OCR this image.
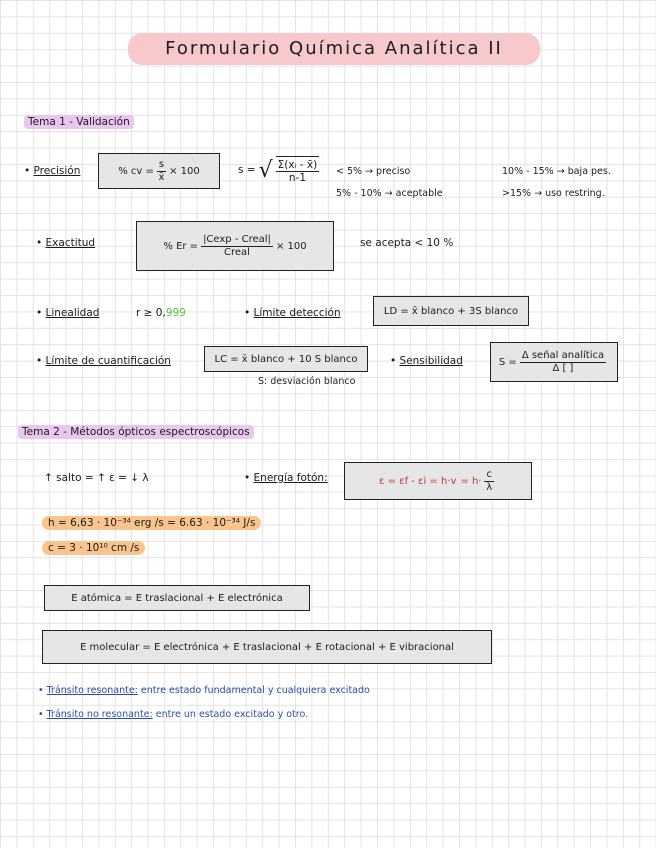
Formulario Química Analítica II
Tema 1 - Validación
• Precisión	% cv = $\frac{s}{x̄} \times 100$	s = √ $\frac{\text{Σ(xᵢ - x̄)}}{n-1} < 5\%$ → preciso
5% - 10% → aceptable
10% - 15% → baja pes.
>15% → uso restring.
• Exactitud	% $Er = \frac{\text{|Cexp - Creal|}}{\text{Creal}} \times 100$	se acepta < 10 %
• Linealidad	r ≥ 0,999	• Límite detección	LD = x̄ blanco + 3S blanco
• Límite de cuantificación	LC = x̄ blanco + 10 S blanco
S: desviación blanco
• Sensibilidad	$S = \frac{\text{Δ señal analítica}}{\Delta [ ]}$
Tema 2 - Métodos ópticos espectroscópicos
↑ salto = ↑ ε = ↓ λ	• Energía fotón:	$\varepsilon = \varepsilon f - \varepsilon i = h\cdot v = h\cdot \frac{c}{\lambda}$
h = 6,63 · 10⁻³⁴ erg /s = 6.63 · 10⁻³⁴ J/s
c = 3 · 10¹⁰ cm /s
E atómica = E traslacional + E electrónica
E molecular = E electrónica + E traslacional + E rotacional + E vibracional
• Tránsito resonante: entre estado fundamental y cualquiera excitado
• Tránsito no resonante: entre un estado excitado y otro.
